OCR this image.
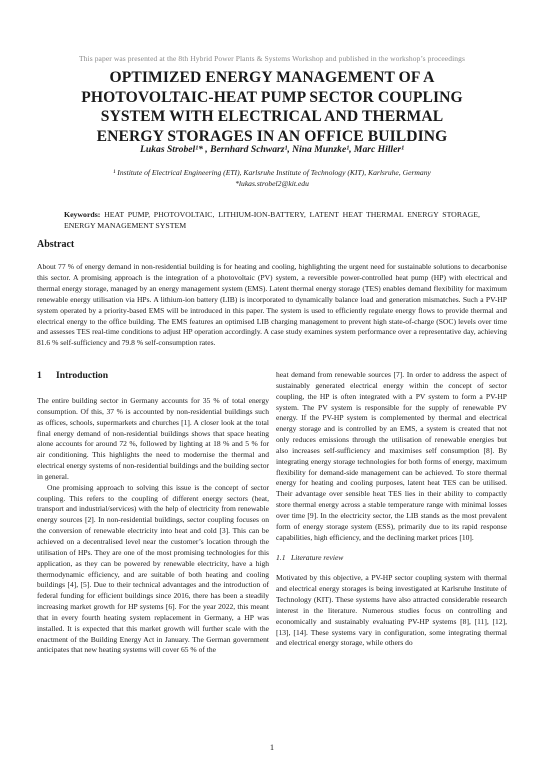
This paper was presented at the 8th Hybrid Power Plants & Systems Workshop and published in the workshop’s proceedings
OPTIMIZED ENERGY MANAGEMENT OF A
PHOTOVOLTAIC-HEAT PUMP SECTOR COUPLING
SYSTEM WITH ELECTRICAL AND THERMAL
ENERGY STORAGES IN AN OFFICE BUILDING
Lukas Strobel¹* , Bernhard Schwarz¹, Nina Munzke¹, Marc Hiller¹
¹ Institute of Electrical Engineering (ETI), Karlsruhe Institute of Technology (KIT), Karlsruhe, Germany
*lukas.strobel2@kit.edu
Keywords: HEAT PUMP, PHOTOVOLTAIC, LITHIUM-ION-BATTERY, LATENT HEAT THERMAL ENERGY STORAGE, ENERGY MANAGEMENT SYSTEM
Abstract

About 77 % of energy demand in non-residential building is for heating and cooling, highlighting the urgent need for sustainable solutions to decarbonise this sector. A promising approach is the integration of a photovoltaic (PV) system, a reversible power-controlled heat pump (HP) with electrical and thermal energy storage, managed by an energy management system (EMS). Latent thermal energy storage (TES) enables demand flexibility for maximum renewable energy utilisation via HPs. A lithium-ion battery (LIB) is incorporated to dynamically balance load and generation mismatches. Such a PV-HP system operated by a priority-based EMS will be introduced in this paper. The system is used to efficiently regulate energy flows to provide thermal and electrical energy to the office building. The EMS features an optimised LIB charging management to prevent high state-of-charge (SOC) levels over time and assesses TES real-time conditions to adjust HP operation accordingly. A case study examines system performance over a representative day, achieving 81.6 % self-sufficiency and 79.8 % self-consumption rates.

1 Introduction

The entire building sector in Germany accounts for 35 % of total energy consumption. Of this, 37 % is accounted by non-residential buildings such as offices, schools, supermarkets and churches [1]. A closer look at the total final energy demand of non-residential buildings shows that space heating alone accounts for around 72 %, followed by lighting at 18 % and 5 % for air conditioning. This highlights the need to modernise the thermal and electrical energy systems of non-residential buildings and the building sector in general.

One promising approach to solving this issue is the concept of sector coupling. This refers to the coupling of different energy sectors (heat, transport and industrial/services) with the help of electricity from renewable energy sources [2]. In non-residential buildings, sector coupling focuses on the conversion of renewable electricity into heat and cold [3]. This can be achieved on a decentralised level near the customer’s location through the utilisation of HPs. They are one of the most promising technologies for this application, as they can be powered by renewable electricity, have a high thermodynamic efficiency, and are suitable of both heating and cooling buildings [4], [5]. Due to their technical advantages and the introduction of federal funding for efficient buildings since 2016, there has been a steadily increasing market growth for HP systems [6]. For the year 2022, this meant that in every fourth heating system replacement in Germany, a HP was installed. It is expected that this market growth will further scale with the enactment of the Building Energy Act in January. The German government anticipates that new heating systems will cover 65 % of the

heat demand from renewable sources [7]. In order to address the aspect of sustainably generated electrical energy within the concept of sector coupling, the HP is often integrated with a PV system to form a PV-HP system. The PV system is responsible for the supply of renewable PV energy. If the PV-HP system is complemented by thermal and electrical energy storage and is controlled by an EMS, a system is created that not only reduces emissions through the utilisation of renewable energies but also increases self-sufficiency and maximises self consumption [8]. By integrating energy storage technologies for both forms of energy, maximum flexibility for demand-side management can be achieved. To store thermal energy for heating and cooling purposes, latent heat TES can be utilised. Their advantage over sensible heat TES lies in their ability to compactly store thermal energy across a stable temperature range with minimal losses over time [9]. In the electricity sector, the LIB stands as the most prevalent form of energy storage system (ESS), primarily due to its rapid response capabilities, high efficiency, and the declining market prices [10].

1.1 Literature review

Motivated by this objective, a PV-HP sector coupling system with thermal and electrical energy storages is being investigated at Karlsruhe Institute of Technology (KIT). These systems have also attracted considerable research interest in the literature. Numerous studies focus on controlling and economically and sustainably evaluating PV-HP systems [8], [11], [12], [13], [14]. These systems vary in configuration, some integrating thermal and electrical energy storage, while others do

1
